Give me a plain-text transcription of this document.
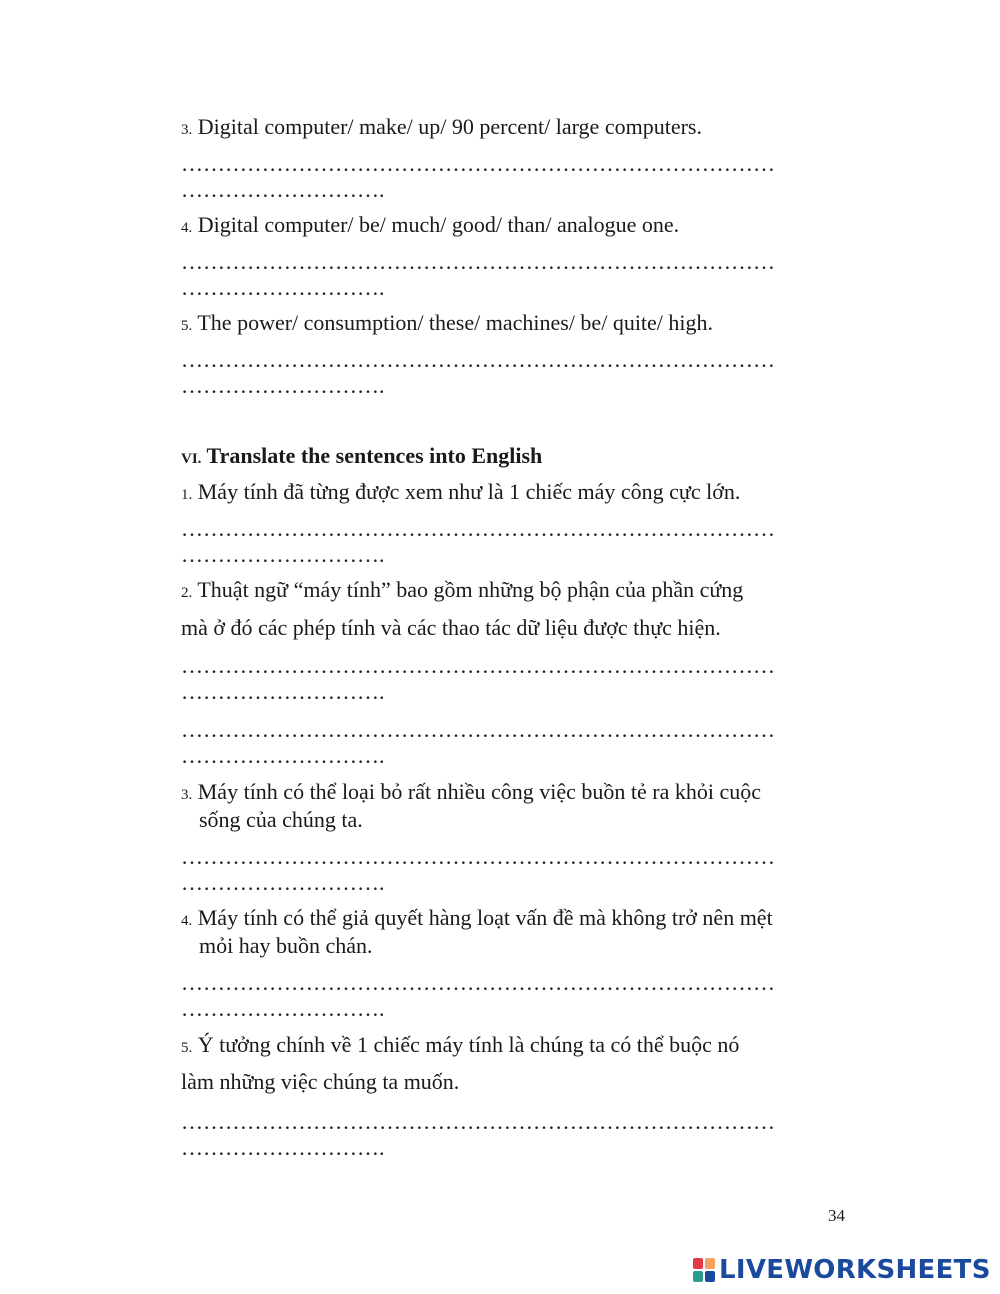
3. Digital computer/ make/ up/ 90 percent/ large computers.
………………………………………………………………………
……………………….
4. Digital computer/ be/ much/ good/ than/ analogue one.
………………………………………………………………………
……………………….
5. The power/ consumption/ these/ machines/ be/ quite/ high.
………………………………………………………………………
……………………….
VI. Translate the sentences into English
1. Máy tính đã từng được xem như là 1 chiếc máy công cực lớn.
………………………………………………………………………
……………………….
2. Thuật ngữ “máy tính” bao gồm những bộ phận của phần cứng
mà ở đó các phép tính và các thao tác dữ liệu được thực hiện.
………………………………………………………………………
……………………….
………………………………………………………………………
……………………….
3. Máy tính có thể loại bỏ rất nhiều công việc buồn tẻ ra khỏi cuộc
sống của chúng ta.
………………………………………………………………………
……………………….
4. Máy tính có thể giả quyết hàng loạt vấn đề mà không trở nên mệt
mỏi hay buồn chán.
………………………………………………………………………
……………………….
5. Ý tưởng chính về 1 chiếc máy tính là chúng ta có thể buộc nó
làm những việc chúng ta muốn.
………………………………………………………………………
……………………….
34
LIVEWORKSHEETS
